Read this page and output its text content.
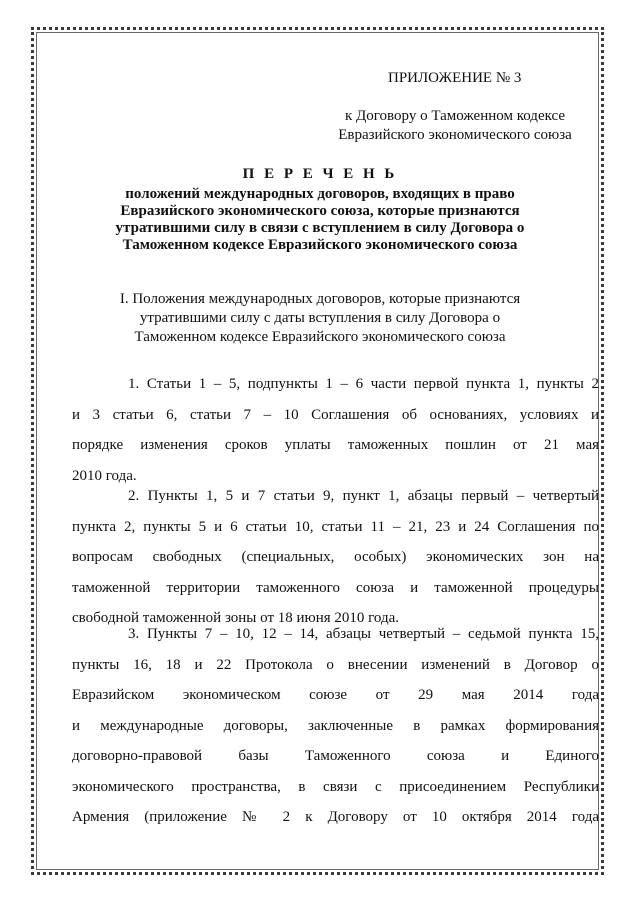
ПРИЛОЖЕНИЕ № 3
к Договору о Таможенном кодексе
Евразийского экономического союза
П Е Р Е Ч Е Н Ь
положений международных договоров, входящих в право
Евразийского экономического союза, которые признаются
утратившими силу в связи с вступлением в силу Договора о
Таможенном кодексе Евразийского экономического союза
I. Положения международных договоров, которые признаются
утратившими силу с даты вступления в силу Договора о
Таможенном кодексе Евразийского экономического союза
1. Статьи 1 – 5, подпункты 1 – 6 части первой пункта 1, пункты 2
и 3 статьи 6, статьи 7 – 10 Соглашения об основаниях, условиях и
порядке изменения сроков уплаты таможенных пошлин от 21 мая
2010 года.
2. Пункты 1, 5 и 7 статьи 9, пункт 1, абзацы первый – четвертый
пункта 2, пункты 5 и 6 статьи 10, статьи 11 – 21, 23 и 24 Соглашения по
вопросам свободных (специальных, особых) экономических зон на
таможенной территории таможенного союза и таможенной процедуры
свободной таможенной зоны от 18 июня 2010 года.
3. Пункты 7 – 10, 12 – 14, абзацы четвертый – седьмой пункта 15,
пункты 16, 18 и 22 Протокола о внесении изменений в Договор о
Евразийском экономическом союзе от 29 мая 2014 года
и международные договоры, заключенные в рамках формирования
договорно-правовой базы Таможенного союза и Единого
экономического пространства, в связи с присоединением Республики
Армения (приложение № 2 к Договору от 10 октября 2014 года
